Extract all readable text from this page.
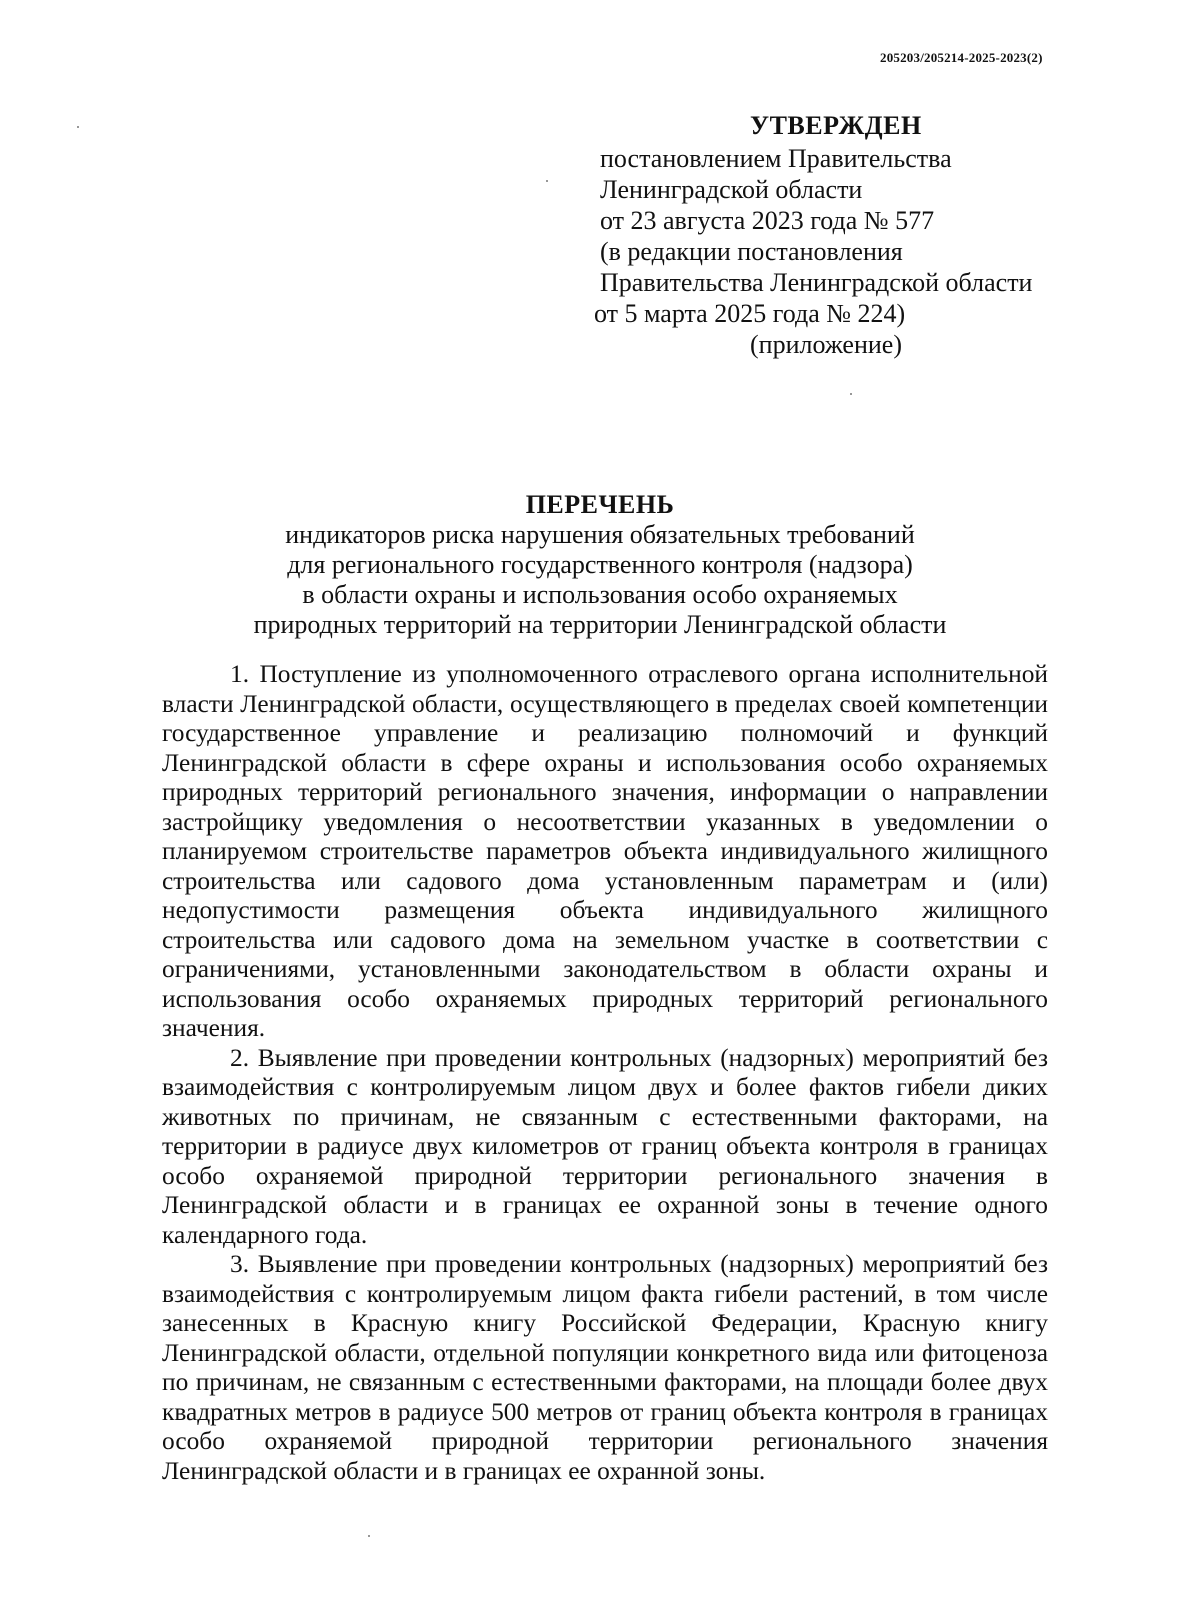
205203/205214-2025-2023(2)
УТВЕРЖДЕН
постановлением Правительства
Ленинградской области
от 23 августа 2023 года № 577
(в редакции постановления
Правительства Ленинградской области
от 5 марта 2025 года № 224)
(приложение)
ПЕРЕЧЕНЬ
индикаторов риска нарушения обязательных требований
для регионального государственного контроля (надзора)
в области охраны и использования особо охраняемых
природных территорий на территории Ленинградской области

1. Поступление из уполномоченного отраслевого органа исполнительной власти Ленинградской области, осуществляющего в пределах своей компетенции государственное управление и реализацию полномочий и функций Ленинградской области в сфере охраны и использования особо охраняемых природных территорий регионального значения, информации о направлении застройщику уведомления о несоответствии указанных в уведомлении о планируемом строительстве параметров объекта индивидуального жилищного строительства или садового дома установленным параметрам и (или) недопустимости размещения объекта индивидуального жилищного строительства или садового дома на земельном участке в соответствии с ограничениями, установленными законодательством в области охраны и использования особо охраняемых природных территорий регионального значения.

2. Выявление при проведении контрольных (надзорных) мероприятий без взаимодействия с контролируемым лицом двух и более фактов гибели диких животных по причинам, не связанным с естественными факторами, на территории в радиусе двух километров от границ объекта контроля в границах особо охраняемой природной территории регионального значения в Ленинградской области и в границах ее охранной зоны в течение одного календарного года.

3. Выявление при проведении контрольных (надзорных) мероприятий без взаимодействия с контролируемым лицом факта гибели растений, в том числе занесенных в Красную книгу Российской Федерации, Красную книгу Ленинградской области, отдельной популяции конкретного вида или фитоценоза по причинам, не связанным с естественными факторами, на площади более двух квадратных метров в радиусе 500 метров от границ объекта контроля в границах особо охраняемой природной территории регионального значения Ленинградской области и в границах ее охранной зоны.
